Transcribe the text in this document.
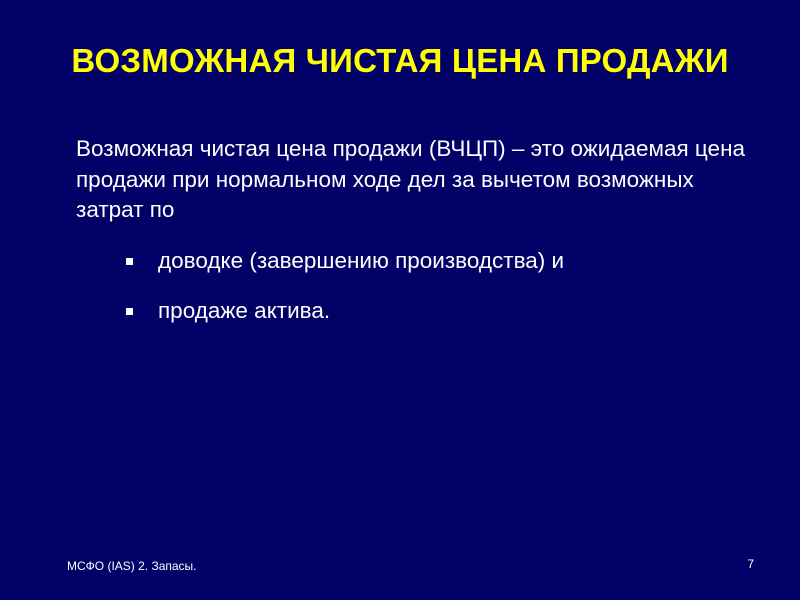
ВОЗМОЖНАЯ ЧИСТАЯ ЦЕНА ПРОДАЖИ
Возможная чистая цена продажи (ВЧЦП) – это ожидаемая цена продажи при нормальном ходе дел за вычетом возможных затрат по
доводке (завершению производства) и
продаже актива.
МСФО (IAS) 2. Запасы.	7
